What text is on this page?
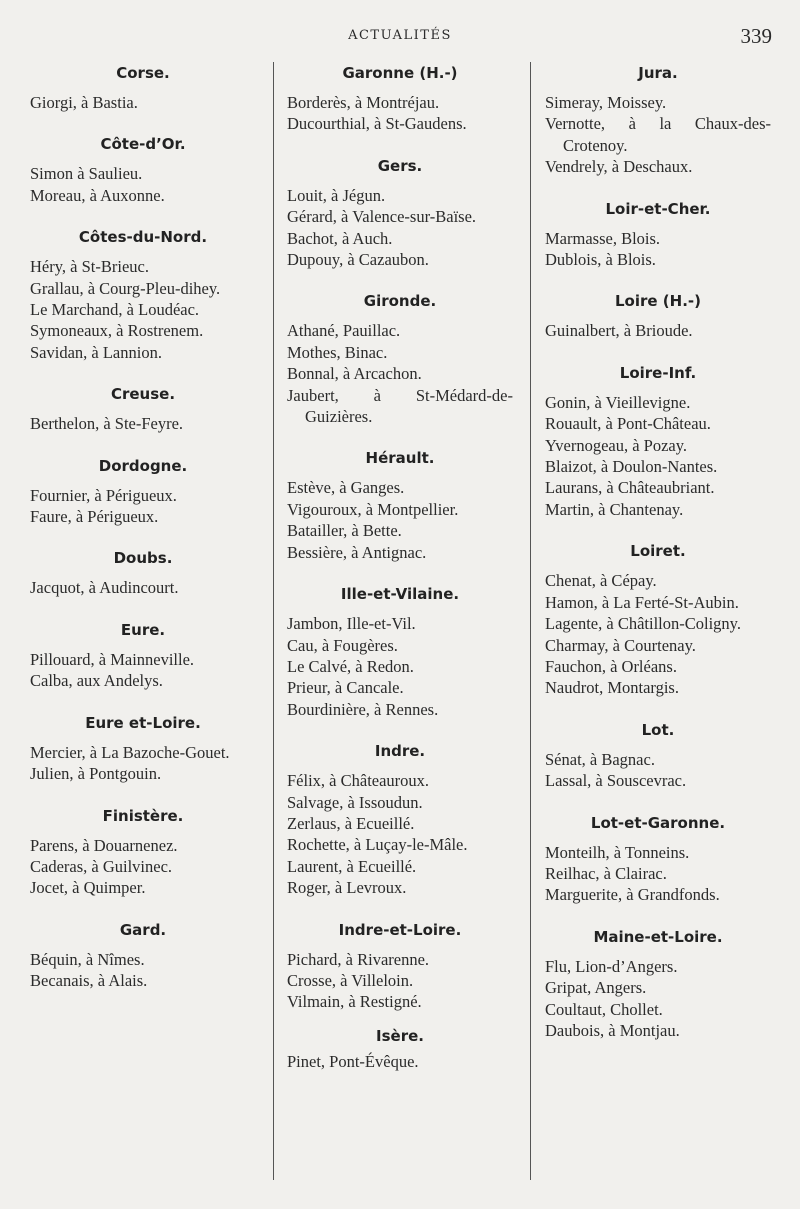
ACTUALITÉS	339
Corse.
Giorgi, à Bastia.
Côte-d’Or.
Simon à Saulieu.
Moreau, à Auxonne.
Côtes-du-Nord.
Héry, à St-Brieuc.
Grallau, à Courg-Pleu-dihey.
Le Marchand, à Loudéac.
Symoneaux, à Rostrenem.
Savidan, à Lannion.
Creuse.
Berthelon, à Ste-Feyre.
Dordogne.
Fournier, à Périgueux.
Faure, à Périgueux.
Doubs.
Jacquot, à Audincourt.
Eure.
Pillouard, à Mainneville.
Calba, aux Andelys.
Eure et-Loire.
Mercier, à La Bazoche-Gouet.
Julien, à Pontgouin.
Finistère.
Parens, à Douarnenez.
Caderas, à Guilvinec.
Jocet, à Quimper.
Gard.
Béquin, à Nîmes.
Becanais, à Alais.
Garonne (H.-)
Borderès, à Montréjau.
Ducourthial, à St-Gaudens.
Gers.
Louit, à Jégun.
Gérard, à Valence-sur-Baïse.
Bachot, à Auch.
Dupouy, à Cazaubon.
Gironde.
Athané, Pauillac.
Mothes, Binac.
Bonnal, à Arcachon.
Jaubert, à St-Médard-de-Guizières.
Hérault.
Estève, à Ganges.
Vigouroux, à Montpellier.
Batailler, à Bette.
Bessière, à Antignac.
Ille-et-Vilaine.
Jambon, Ille-et-Vil.
Cau, à Fougères.
Le Calvé, à Redon.
Prieur, à Cancale.
Bourdinière, à Rennes.
Indre.
Félix, à Châteauroux.
Salvage, à Issoudun.
Zerlaus, à Ecueillé.
Rochette, à Luçay-le-Mâle.
Laurent, à Ecueillé.
Roger, à Levroux.
Indre-et-Loire.
Pichard, à Rivarenne.
Crosse, à Villeloin.
Vilmain, à Restigné.
Isère.
Pinet, Pont-Évêque.
Jura.
Simeray, Moissey.
Vernotte, à la Chaux-des-Crotenoy.
Vendrely, à Deschaux.
Loir-et-Cher.
Marmasse, Blois.
Dublois, à Blois.
Loire (H.-)
Guinalbert, à Brioude.
Loire-Inf.
Gonin, à Vieillevigne.
Rouault, à Pont-Château.
Yvernogeau, à Pozay.
Blaizot, à Doulon-Nantes.
Laurans, à Châteaubriant.
Martin, à Chantenay.
Loiret.
Chenat, à Cépay.
Hamon, à La Ferté-St-Aubin.
Lagente, à Châtillon-Coligny.
Charmay, à Courtenay.
Fauchon, à Orléans.
Naudrot, Montargis.
Lot.
Sénat, à Bagnac.
Lassal, à Souscevrac.
Lot-et-Garonne.
Monteilh, à Tonneins.
Reilhac, à Clairac.
Marguerite, à Grandfonds.
Maine-et-Loire.
Flu, Lion-d’Angers.
Gripat, Angers.
Coultaut, Chollet.
Daubois, à Montjau.
